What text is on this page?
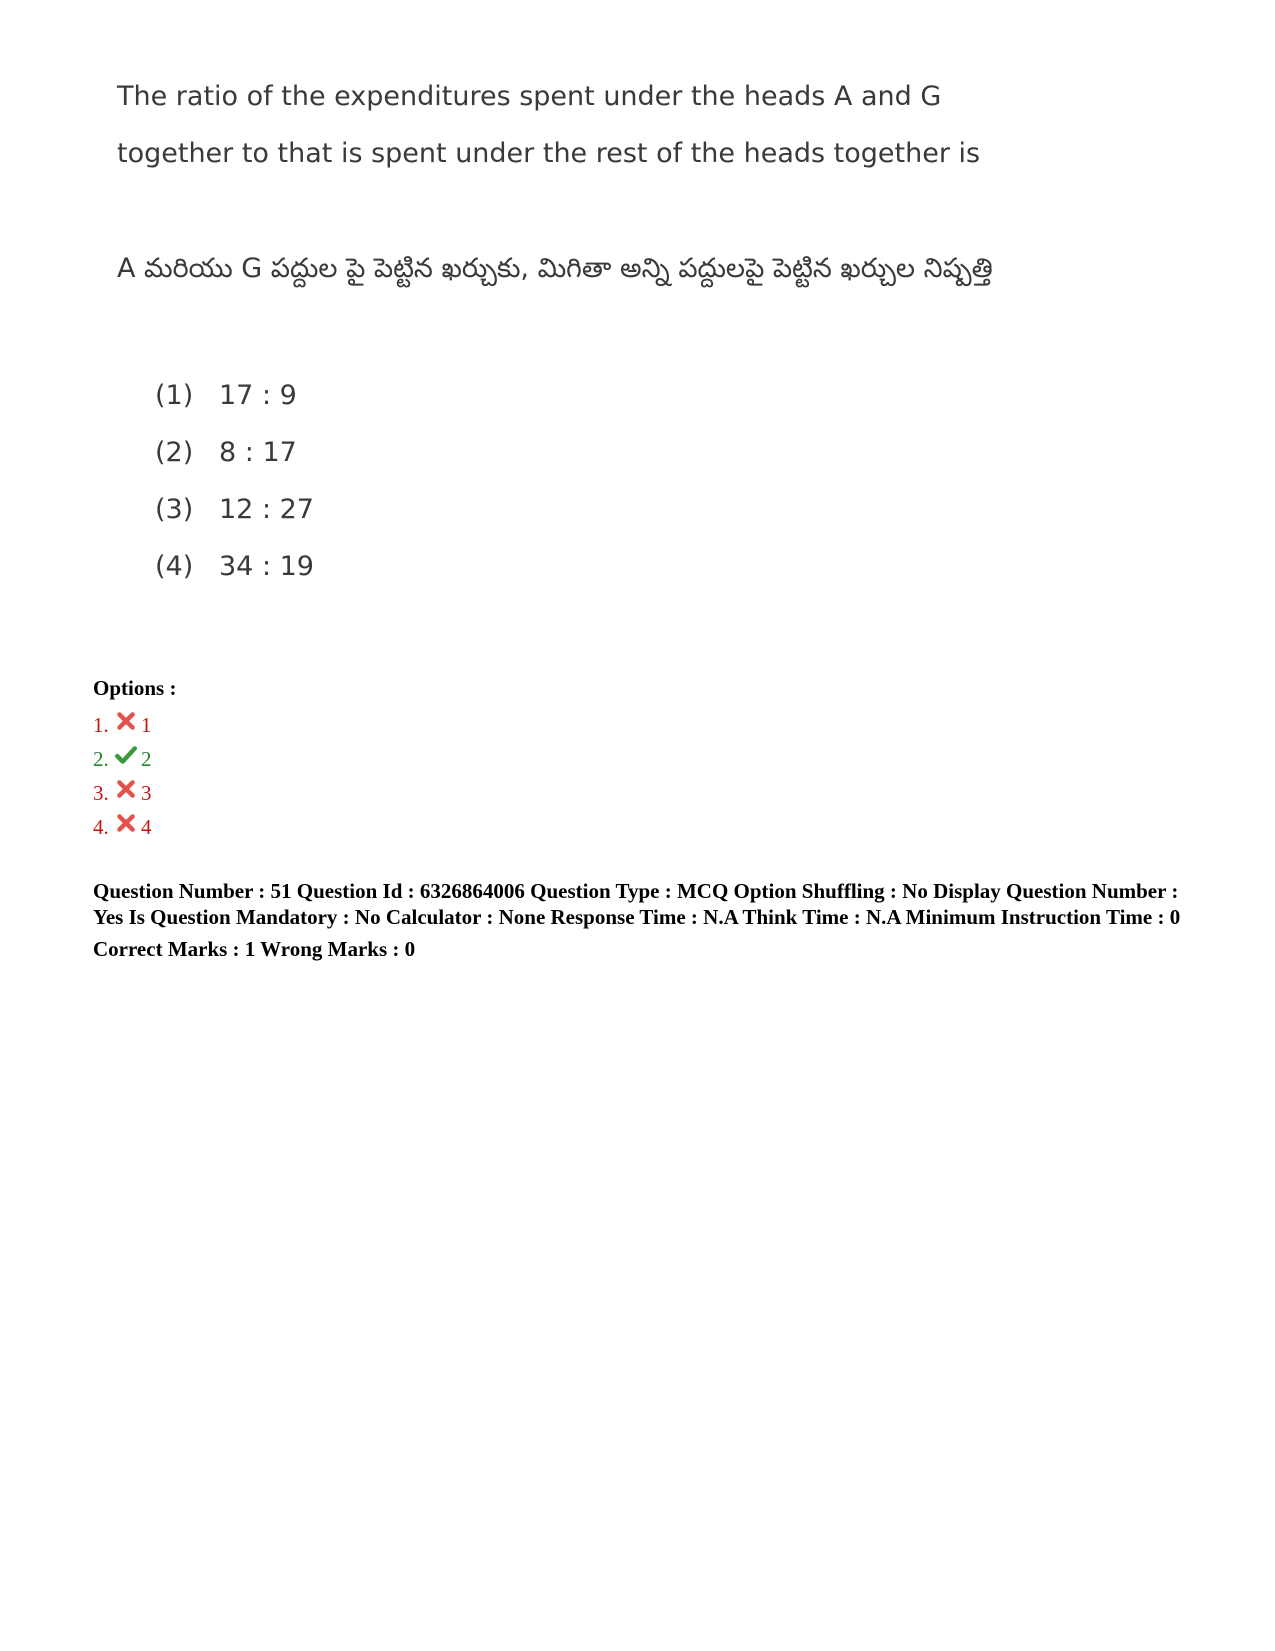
The ratio of the expenditures spent under the heads A and G together to that is spent under the rest of the heads together is

A మరియు G పద్దుల పై పెట్టిన ఖర్చుకు, మిగితా అన్ని పద్దులపై పెట్టిన ఖర్చుల నిష్పత్తి

(1) 17 : 9
(2) 8 : 17
(3) 12 : 27
(4) 34 : 19

Options :

1. 1
2. 2
3. 3
4. 4

Question Number : 51 Question Id : 6326864006 Question Type : MCQ Option Shuffling : No Display Question Number : Yes Is Question Mandatory : No Calculator : None Response Time : N.A Think Time : N.A Minimum Instruction Time : 0

Correct Marks : 1 Wrong Marks : 0
